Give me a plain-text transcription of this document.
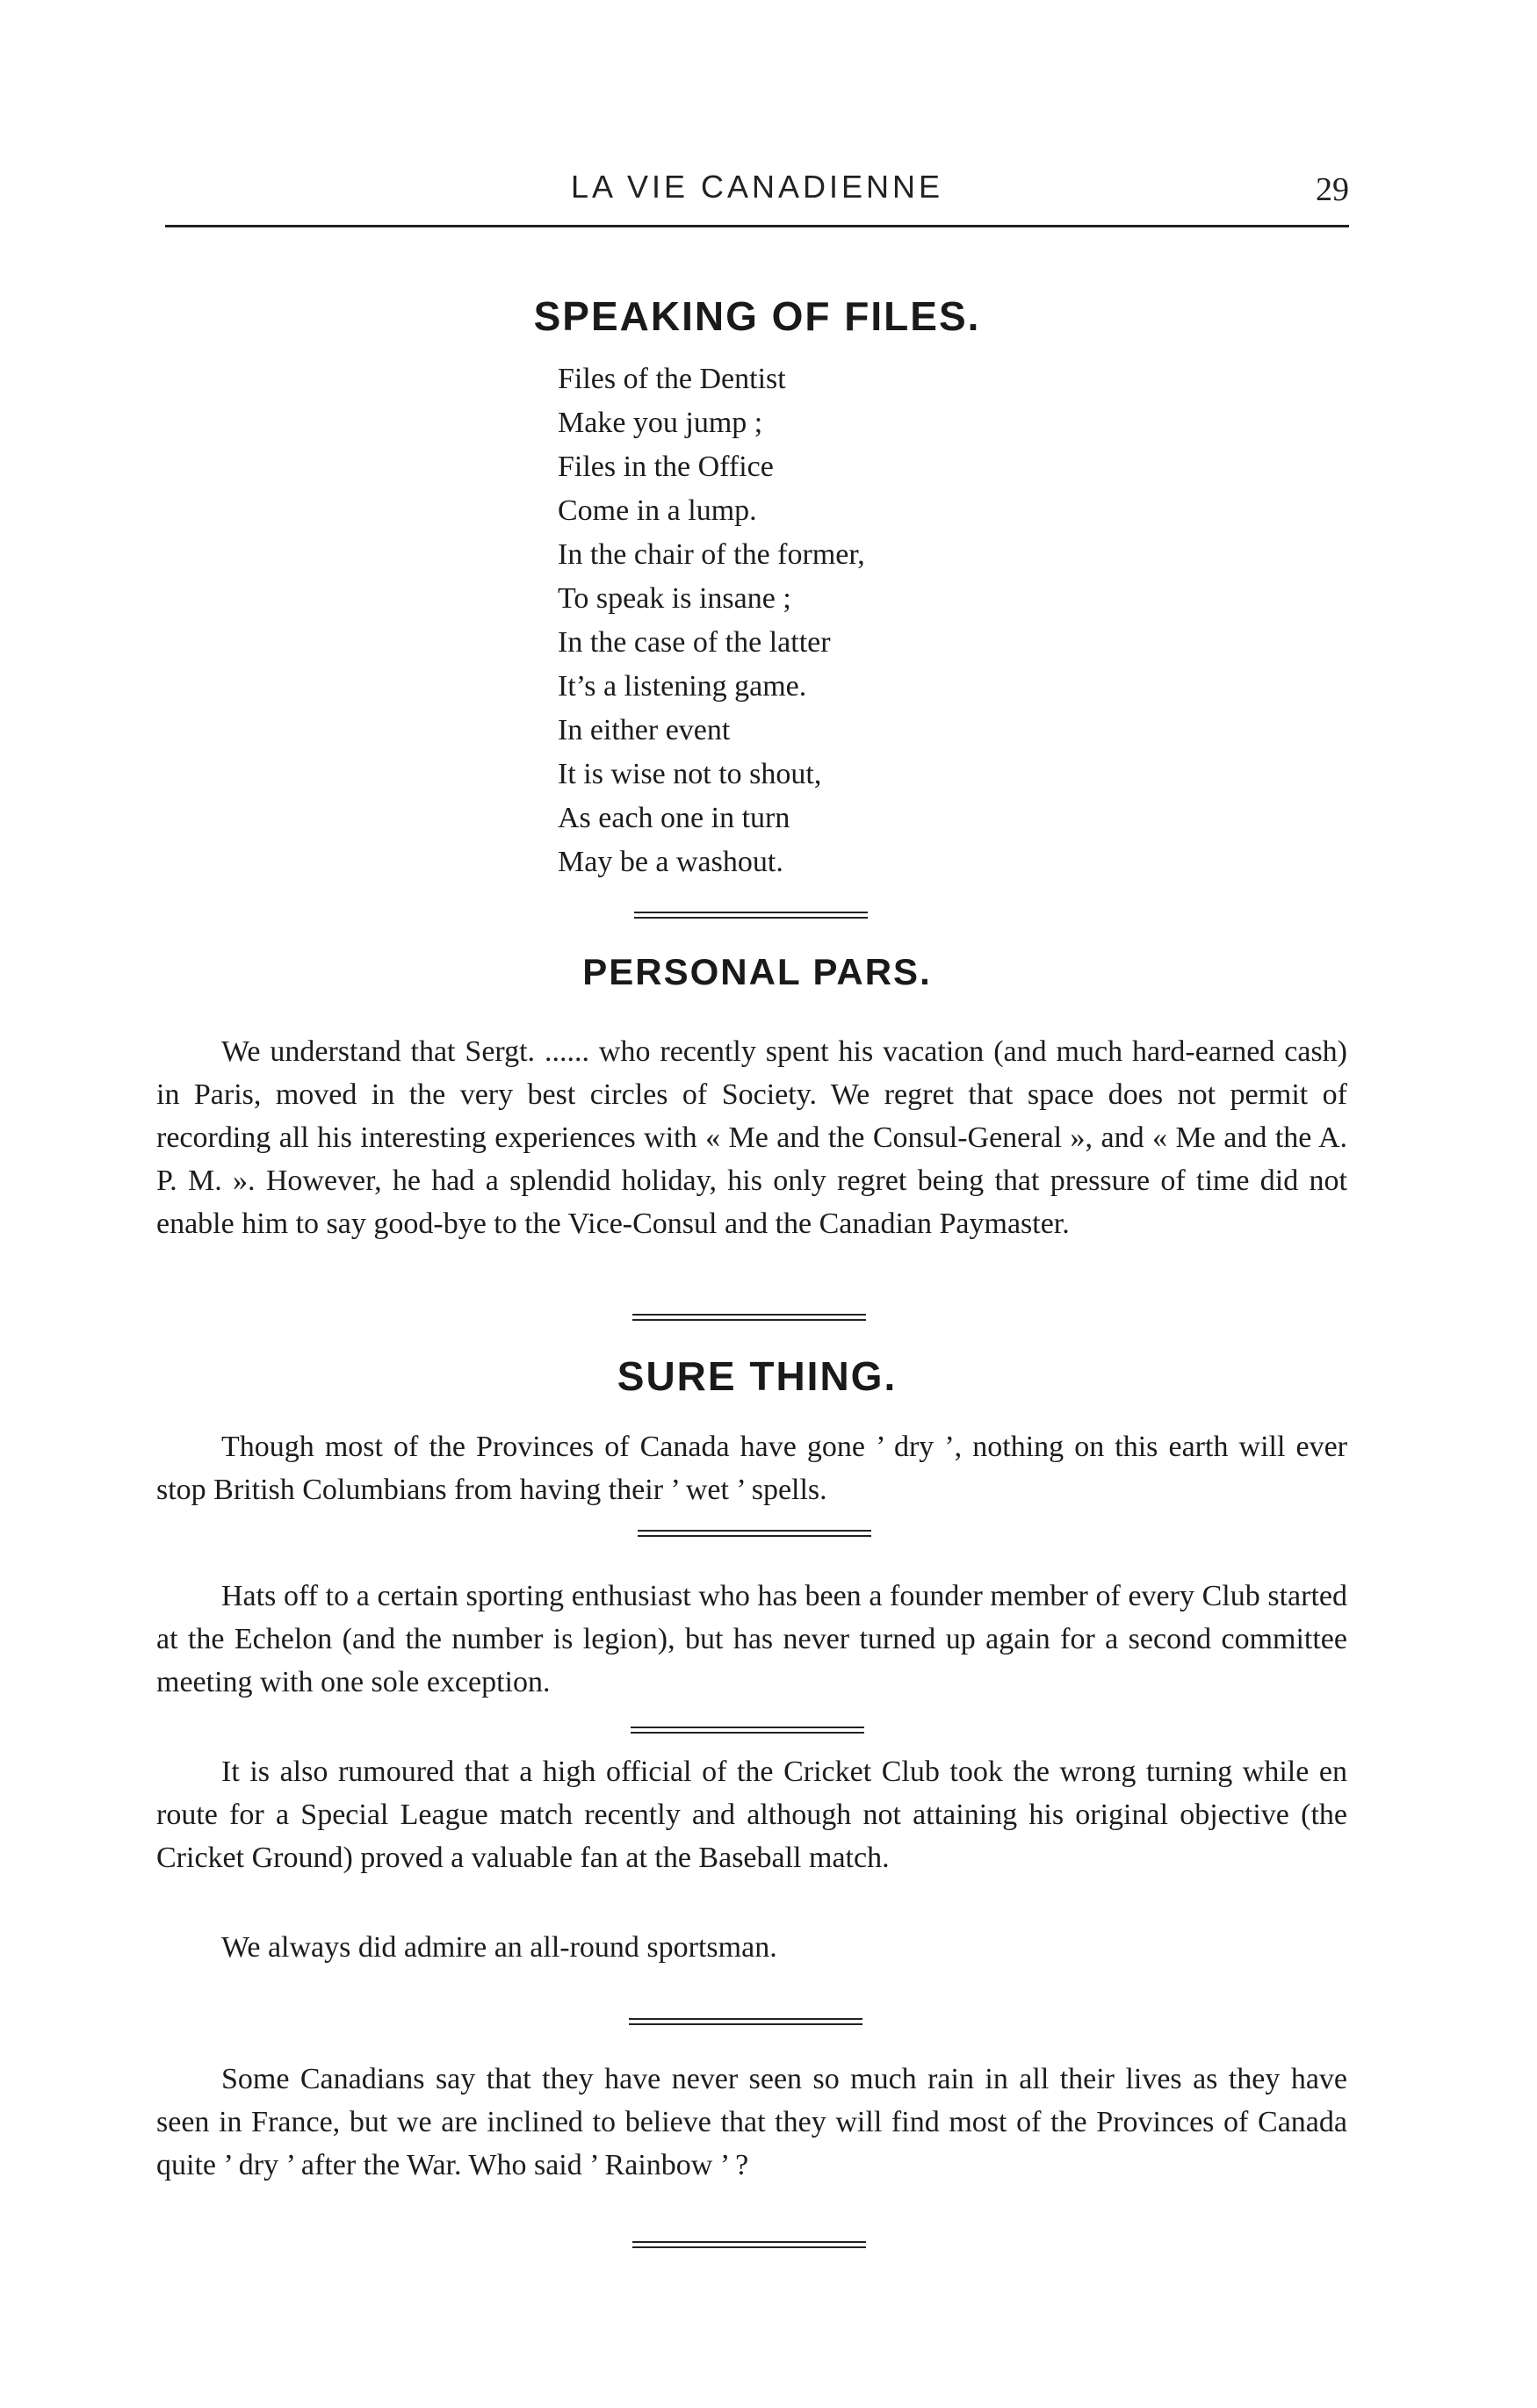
LA VIE CANADIENNE	29
SPEAKING OF FILES.
Files of the Dentist
Make you jump ;
Files in the Office
Come in a lump.
In the chair of the former,
To speak is insane ;
In the case of the latter
It’s a listening game.
In either event
It is wise not to shout,
As each one in turn
May be a washout.
PERSONAL PARS.

We understand that Sergt. ...... who recently spent his vacation (and much hard-earned cash) in Paris, moved in the very best circles of Society. We regret that space does not permit of recording all his interesting experiences with « Me and the Consul-General », and « Me and the A. P. M. ». However, he had a splendid holiday, his only regret being that pressure of time did not enable him to say good-bye to the Vice-Consul and the Canadian Paymaster.

SURE THING.

Though most of the Provinces of Canada have gone ’ dry ’, nothing on this earth will ever stop British Columbians from having their ’ wet ’ spells.

Hats off to a certain sporting enthusiast who has been a founder member of every Club started at the Echelon (and the number is legion), but has never turned up again for a second committee meeting with one sole exception.

It is also rumoured that a high official of the Cricket Club took the wrong turning while en route for a Special League match recently and although not attaining his original objective (the Cricket Ground) proved a valuable fan at the Baseball match.

We always did admire an all-round sportsman.

Some Canadians say that they have never seen so much rain in all their lives as they have seen in France, but we are inclined to believe that they will find most of the Provinces of Canada quite ’ dry ’ after the War. Who said ’ Rainbow ’ ?
